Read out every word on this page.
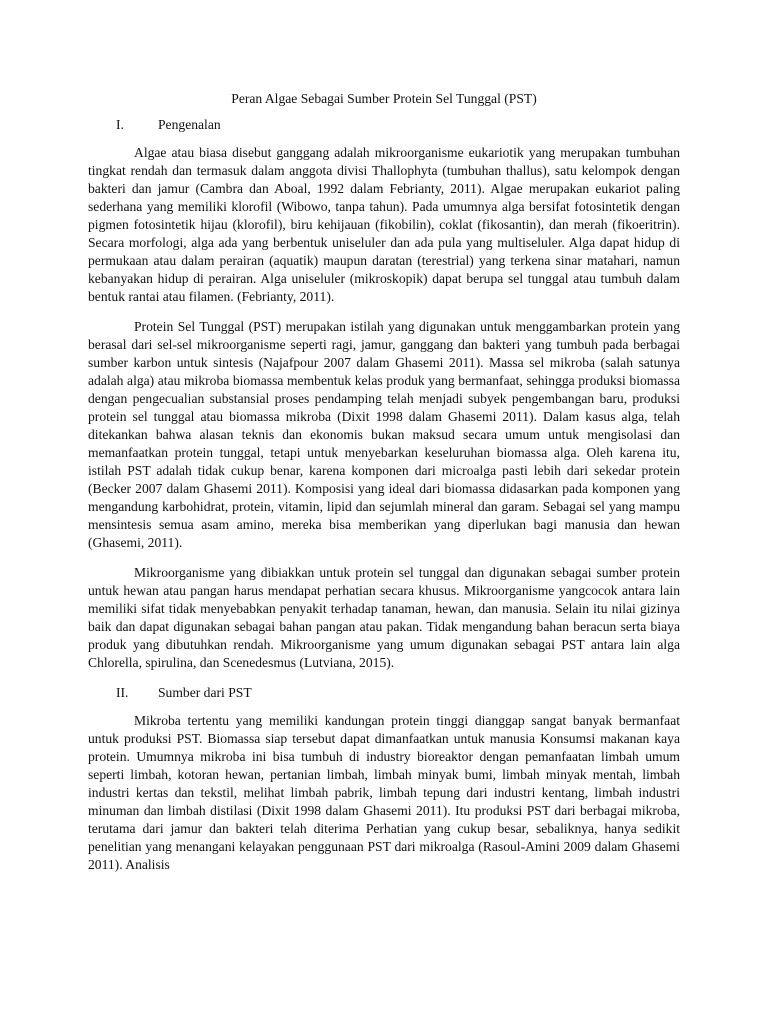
Peran Algae Sebagai Sumber Protein Sel Tunggal (PST)
I.	Pengenalan

Algae atau biasa disebut ganggang adalah mikroorganisme eukariotik yang merupakan tumbuhan tingkat rendah dan termasuk dalam anggota divisi Thallophyta (tumbuhan thallus), satu kelompok dengan bakteri dan jamur (Cambra dan Aboal, 1992 dalam Febrianty, 2011). Algae merupakan eukariot paling sederhana yang memiliki klorofil (Wibowo, tanpa tahun). Pada umumnya alga bersifat fotosintetik dengan pigmen fotosintetik hijau (klorofil), biru kehijauan (fikobilin), coklat (fikosantin), dan merah (fikoeritrin). Secara morfologi, alga ada yang berbentuk uniseluler dan ada pula yang multiseluler. Alga dapat hidup di permukaan atau dalam perairan (aquatik) maupun daratan (terestrial) yang terkena sinar matahari, namun kebanyakan hidup di perairan. Alga uniseluler (mikroskopik) dapat berupa sel tunggal atau tumbuh dalam bentuk rantai atau filamen. (Febrianty, 2011).

Protein Sel Tunggal (PST) merupakan istilah yang digunakan untuk menggambarkan protein yang berasal dari sel-sel mikroorganisme seperti ragi, jamur, ganggang dan bakteri yang tumbuh pada berbagai sumber karbon untuk sintesis (Najafpour 2007 dalam Ghasemi 2011). Massa sel mikroba (salah satunya adalah alga) atau mikroba biomassa membentuk kelas produk yang bermanfaat, sehingga produksi biomassa dengan pengecualian substansial proses pendamping telah menjadi subyek pengembangan baru, produksi protein sel tunggal atau biomassa mikroba (Dixit 1998 dalam Ghasemi 2011). Dalam kasus alga, telah ditekankan bahwa alasan teknis dan ekonomis bukan maksud secara umum untuk mengisolasi dan memanfaatkan protein tunggal, tetapi untuk menyebarkan keseluruhan biomassa alga. Oleh karena itu, istilah PST adalah tidak cukup benar, karena komponen dari microalga pasti lebih dari sekedar protein (Becker 2007 dalam Ghasemi 2011). Komposisi yang ideal dari biomassa didasarkan pada komponen yang mengandung karbohidrat, protein, vitamin, lipid dan sejumlah mineral dan garam. Sebagai sel yang mampu mensintesis semua asam amino, mereka bisa memberikan yang diperlukan bagi manusia dan hewan (Ghasemi, 2011).

Mikroorganisme yang dibiakkan untuk protein sel tunggal dan digunakan sebagai sumber protein untuk hewan atau pangan harus mendapat perhatian secara khusus. Mikroorganisme yangcocok antara lain memiliki sifat tidak menyebabkan penyakit terhadap tanaman, hewan, dan manusia. Selain itu nilai gizinya baik dan dapat digunakan sebagai bahan pangan atau pakan. Tidak mengandung bahan beracun serta biaya produk yang dibutuhkan rendah. Mikroorganisme yang umum digunakan sebagai PST antara lain alga Chlorella, spirulina, dan Scenedesmus (Lutviana, 2015).

II.	Sumber dari PST

Mikroba tertentu yang memiliki kandungan protein tinggi dianggap sangat banyak bermanfaat untuk produksi PST. Biomassa siap tersebut dapat dimanfaatkan untuk manusia Konsumsi makanan kaya protein. Umumnya mikroba ini bisa tumbuh di industry bioreaktor dengan pemanfaatan limbah umum seperti limbah, kotoran hewan, pertanian limbah, limbah minyak bumi, limbah minyak mentah, limbah industri kertas dan tekstil, melihat limbah pabrik, limbah tepung dari industri kentang, limbah industri minuman dan limbah distilasi (Dixit 1998 dalam Ghasemi 2011). Itu produksi PST dari berbagai mikroba, terutama dari jamur dan bakteri telah diterima Perhatian yang cukup besar, sebaliknya, hanya sedikit penelitian yang menangani kelayakan penggunaan PST dari mikroalga (Rasoul-Amini 2009 dalam Ghasemi 2011). Analisis
